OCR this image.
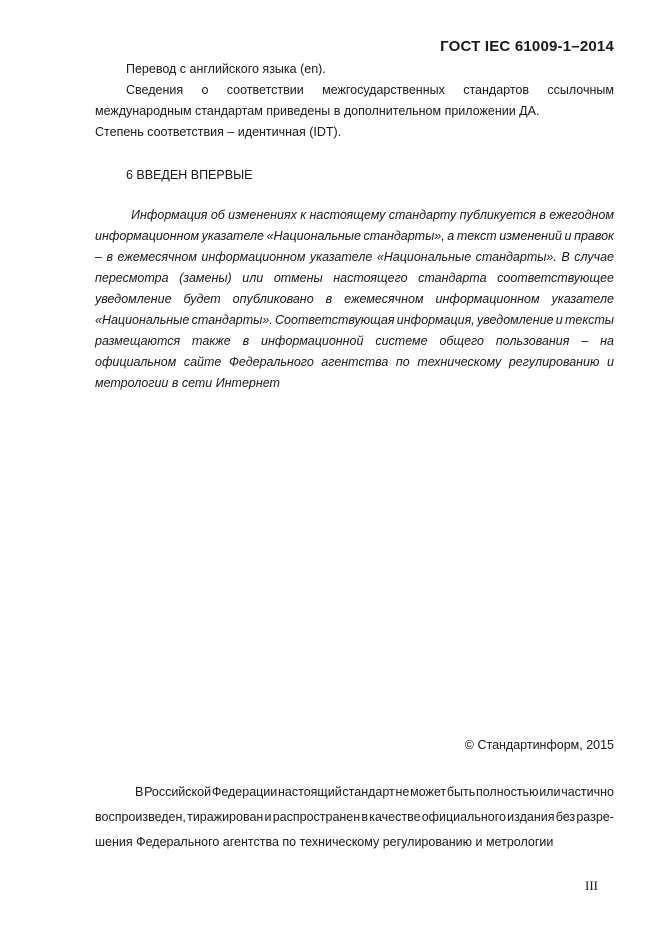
ГОСТ IEC 61009-1–2014
Перевод с английского языка (en).
Сведения о соответствии межгосударственных стандартов ссылочным
международным стандартам приведены в дополнительном приложении ДА.
Степень соответствия – идентичная (IDT).
6 ВВЕДЕН ВПЕРВЫЕ
Информация об изменениях к настоящему стандарту публикуется в ежегодном
информационном указателе «Национальные стандарты», а текст изменений и правок
– в ежемесячном информационном указателе «Национальные стандарты». В случае
пересмотра (замены) или отмены настоящего стандарта соответствующее
уведомление будет опубликовано в ежемесячном информационном указателе
«Национальные стандарты». Соответствующая информация, уведомление и тексты
размещаются также в информационной системе общего пользования – на
официальном сайте Федерального агентства по техническому регулированию и
метрологии в сети Интернет
© Стандартинформ, 2015
В Российской Федерации настоящий стандарт не может быть полностью или частично
воспроизведен, тиражирован и распространен в качестве официального издания без разре-
шения Федерального агентства по техническому регулированию и метрологии
III
